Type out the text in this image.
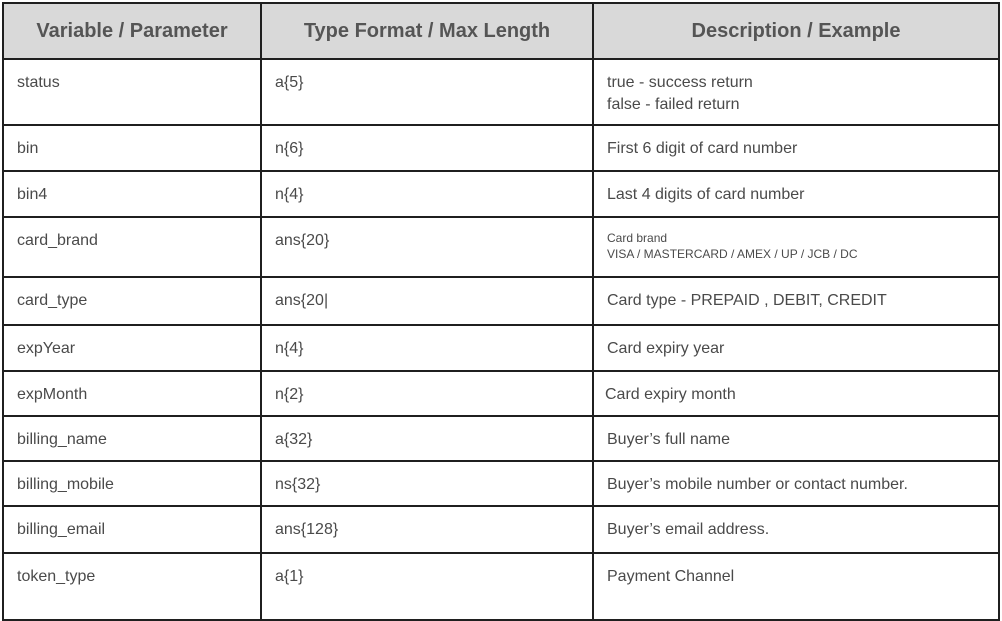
Variable / Parameter	Type Format / Max Length	Description / Example
status	a{5}	true - success return
false - failed return

bin	n{6}	First 6 digit of card number
bin4	n{4}	Last 4 digits of card number
card_brand	ans{20}	Card brand
VISA / MASTERCARD / AMEX / UP / JCB / DC

card_type	ans{20|	Card type - PREPAID , DEBIT, CREDIT
expYear	n{4}	Card expiry year
expMonth	n{2}	Card expiry month
billing_name	a{32}	Buyer’s full name
billing_mobile	ns{32}	Buyer’s mobile number or contact number.
billing_email	ans{128}	Buyer’s email address.
token_type	a{1}	Payment Channel
